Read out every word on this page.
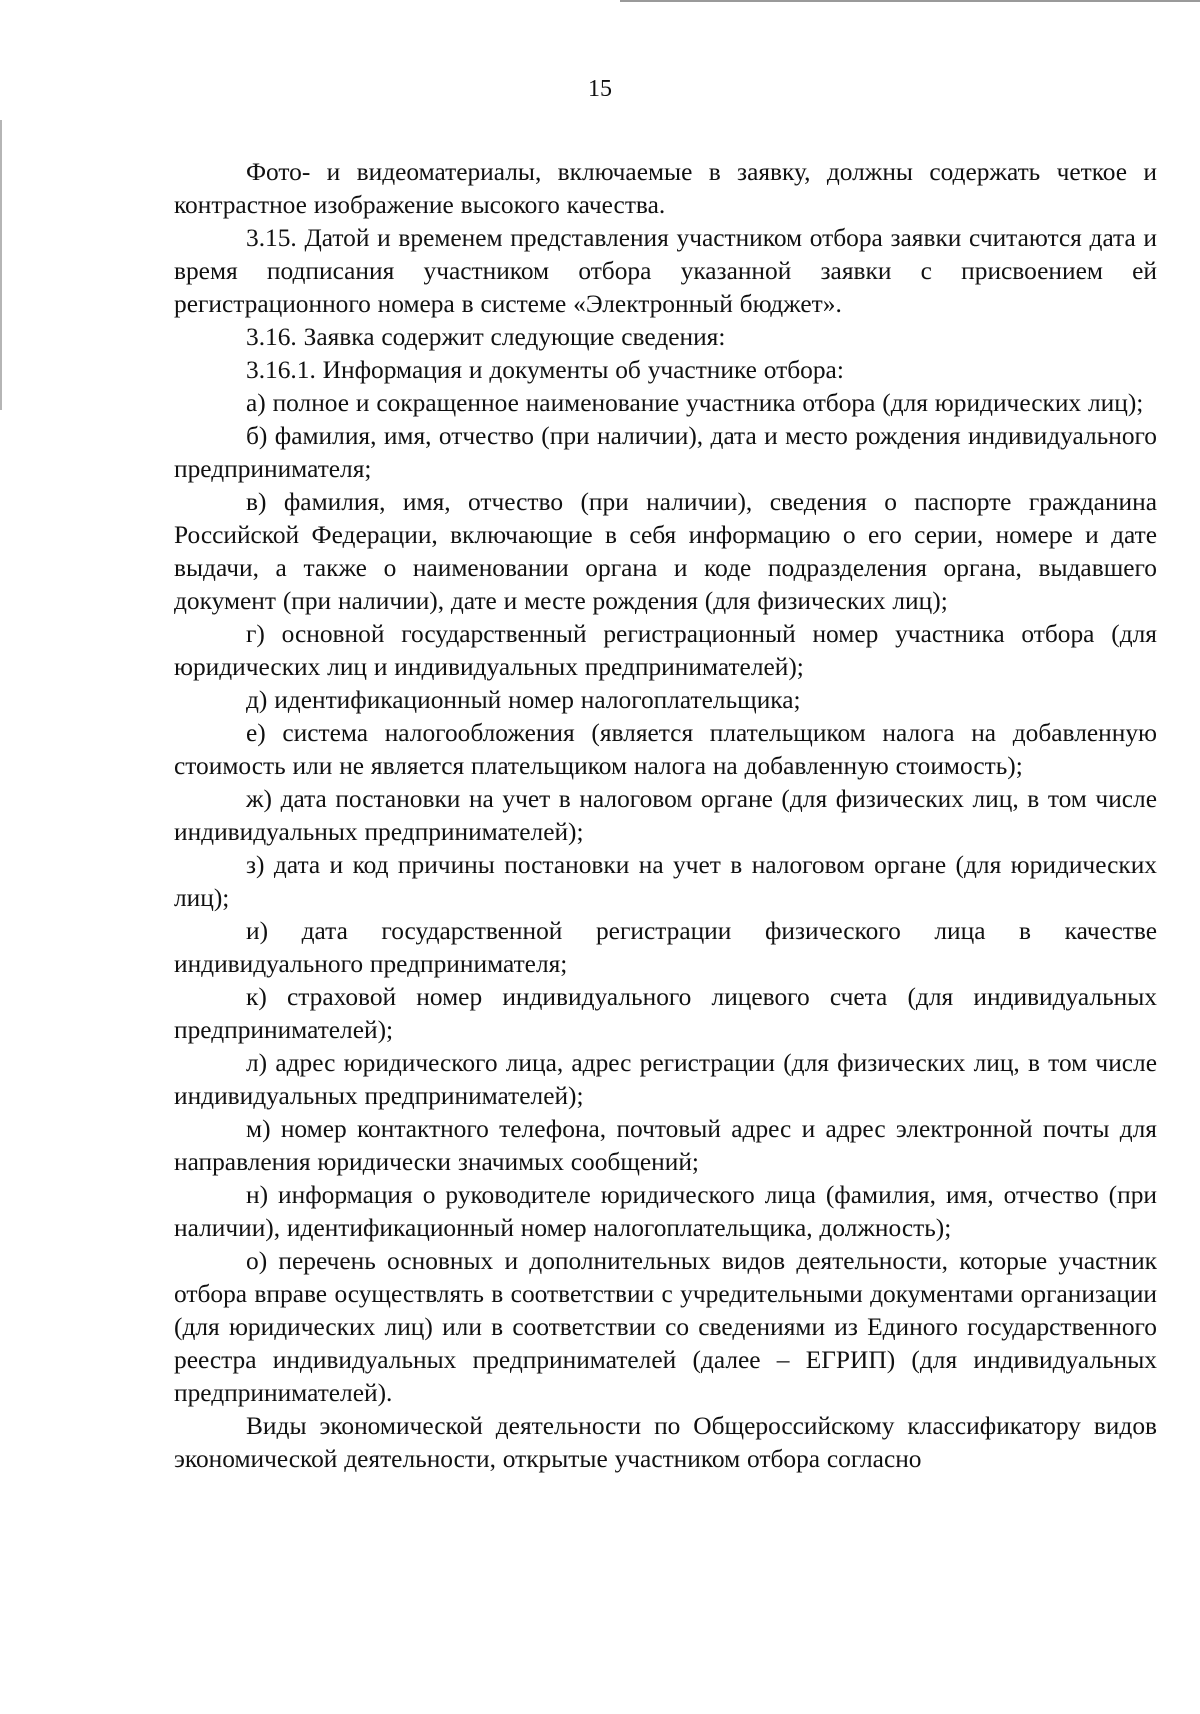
15

Фото- и видеоматериалы, включаемые в заявку, должны содержать четкое и контрастное изображение высокого качества.

3.15. Датой и временем представления участником отбора заявки считаются дата и время подписания участником отбора указанной заявки с присвоением ей регистрационного номера в системе «Электронный бюджет».

3.16. Заявка содержит следующие сведения:

3.16.1. Информация и документы об участнике отбора:

а) полное и сокращенное наименование участника отбора (для юридических лиц);

б) фамилия, имя, отчество (при наличии), дата и место рождения индивидуального предпринимателя;

в) фамилия, имя, отчество (при наличии), сведения о паспорте гражданина Российской Федерации, включающие в себя информацию о его серии, номере и дате выдачи, а также о наименовании органа и коде подразделения органа, выдавшего документ (при наличии), дате и месте рождения (для физических лиц);

г) основной государственный регистрационный номер участника отбора (для юридических лиц и индивидуальных предпринимателей);

д) идентификационный номер налогоплательщика;

е) система налогообложения (является плательщиком налога на добавленную стоимость или не является плательщиком налога на добавленную стоимость);

ж) дата постановки на учет в налоговом органе (для физических лиц, в том числе индивидуальных предпринимателей);

з) дата и код причины постановки на учет в налоговом органе (для юридических лиц);

и) дата государственной регистрации физического лица в качестве индивидуального предпринимателя;

к) страховой номер индивидуального лицевого счета (для индивидуальных предпринимателей);

л) адрес юридического лица, адрес регистрации (для физических лиц, в том числе индивидуальных предпринимателей);

м) номер контактного телефона, почтовый адрес и адрес электронной почты для направления юридически значимых сообщений;

н) информация о руководителе юридического лица (фамилия, имя, отчество (при наличии), идентификационный номер налогоплательщика, должность);

о) перечень основных и дополнительных видов деятельности, которые участник отбора вправе осуществлять в соответствии с учредительными документами организации (для юридических лиц) или в соответствии со сведениями из Единого государственного реестра индивидуальных предпринимателей (далее – ЕГРИП) (для индивидуальных предпринимателей).

Виды экономической деятельности по Общероссийскому классификатору видов экономической деятельности, открытые участником отбора согласно
